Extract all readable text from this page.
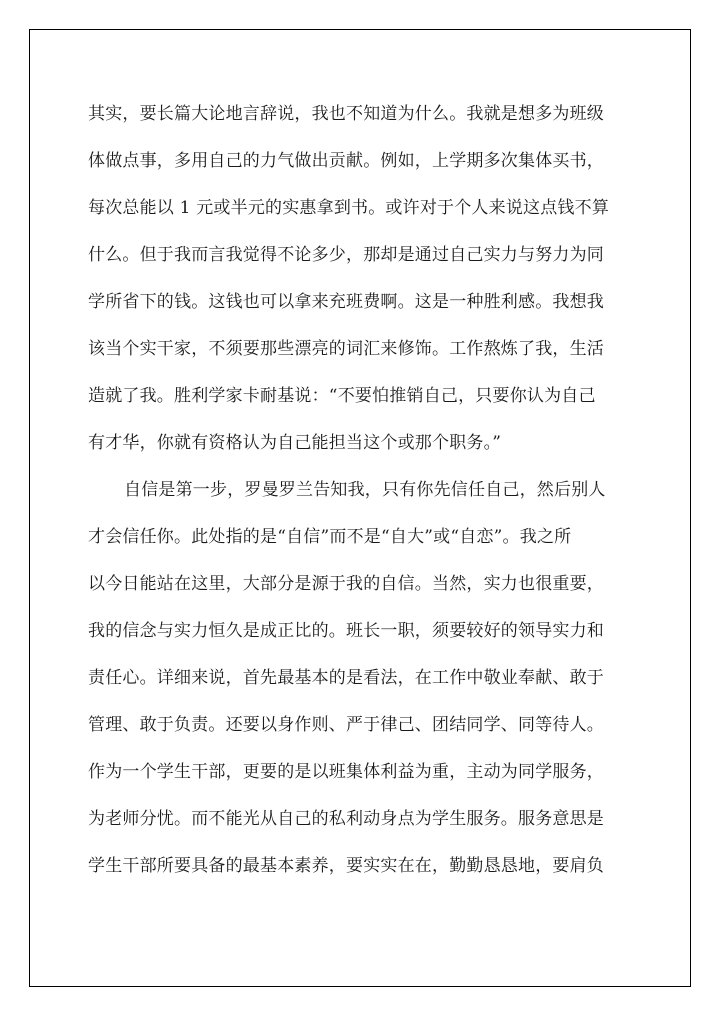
其实，要长篇大论地言辞说，我也不知道为什么。我就是想多为班级
体做点事，多用自己的力气做出贡献。例如，上学期多次集体买书，
每次总能以 1 元或半元的实惠拿到书。或许对于个人来说这点钱不算
什么。但于我而言我觉得不论多少，那却是通过自己实力与努力为同
学所省下的钱。这钱也可以拿来充班费啊。这是一种胜利感。我想我
该当个实干家，不须要那些漂亮的词汇来修饰。工作熬炼了我，生活
造就了我。胜利学家卡耐基说：“不要怕推销自己，只要你认为自己
有才华，你就有资格认为自己能担当这个或那个职务。”
自信是第一步，罗曼罗兰告知我，只有你先信任自己，然后别人
才会信任你。此处指的是“自信”而不是“自大”或“自恋”。我之所
以今日能站在这里，大部分是源于我的自信。当然，实力也很重要，
我的信念与实力恒久是成正比的。班长一职，须要较好的领导实力和
责任心。详细来说，首先最基本的是看法，在工作中敬业奉献、敢于
管理、敢于负责。还要以身作则、严于律己、团结同学、同等待人。
作为一个学生干部，更要的是以班集体利益为重，主动为同学服务，
为老师分忧。而不能光从自己的私利动身点为学生服务。服务意思是
学生干部所要具备的最基本素养，要实实在在，勤勤恳恳地，要肩负
